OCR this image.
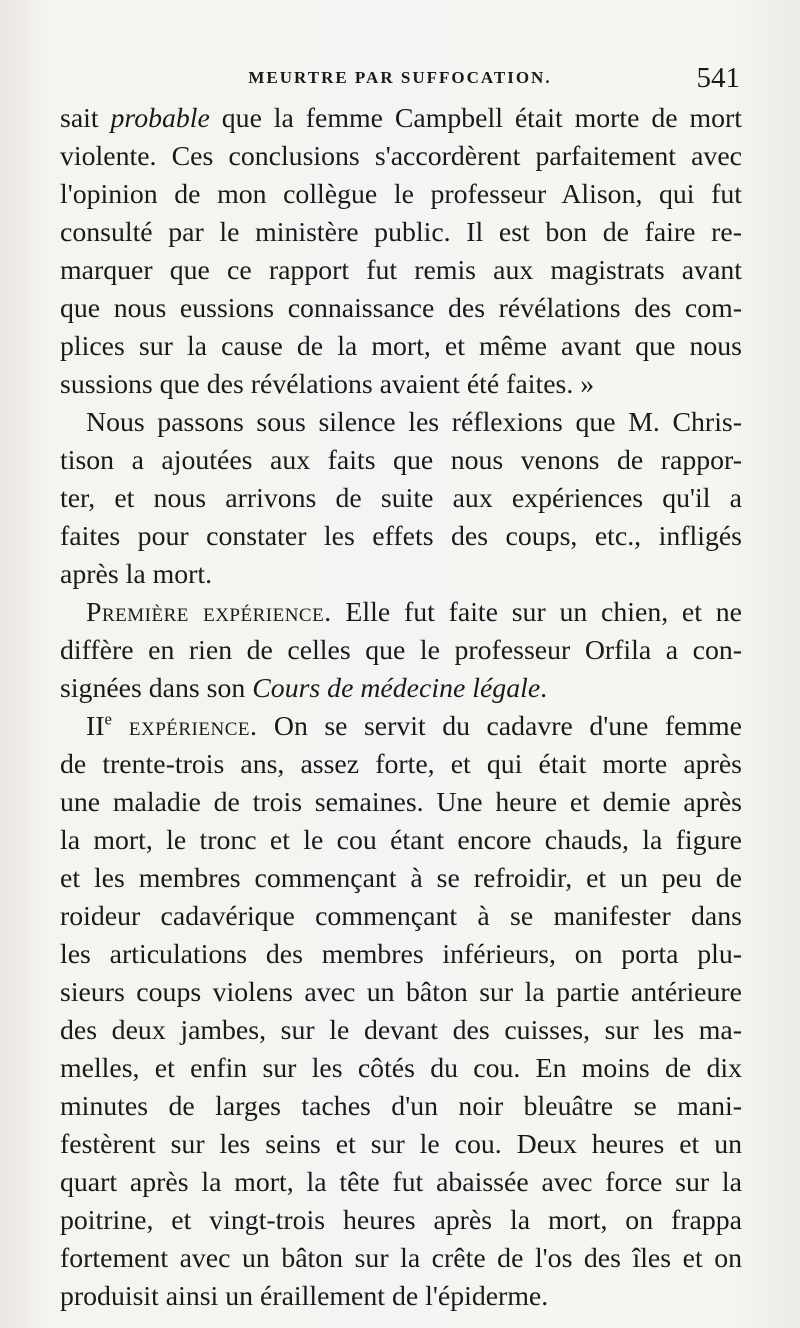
MEURTRE PAR SUFFOCATION.	541
sait probable que la femme Campbell était morte de mort
violente. Ces conclusions s'accordèrent parfaitement avec
l'opinion de mon collègue le professeur Alison, qui fut
consulté par le ministère public. Il est bon de faire re-
marquer que ce rapport fut remis aux magistrats avant
que nous eussions connaissance des révélations des com-
plices sur la cause de la mort, et même avant que nous
sussions que des révélations avaient été faites. »
Nous passons sous silence les réflexions que M. Chris-
tison a ajoutées aux faits que nous venons de rappor-
ter, et nous arrivons de suite aux expériences qu'il a
faites pour constater les effets des coups, etc., infligés
après la mort.
Première expérience. Elle fut faite sur un chien, et ne
diffère en rien de celles que le professeur Orfila a con-
signées dans son Cours de médecine légale.
IIe expérience. On se servit du cadavre d'une femme
de trente-trois ans, assez forte, et qui était morte après
une maladie de trois semaines. Une heure et demie après
la mort, le tronc et le cou étant encore chauds, la figure
et les membres commençant à se refroidir, et un peu de
roideur cadavérique commençant à se manifester dans
les articulations des membres inférieurs, on porta plu-
sieurs coups violens avec un bâton sur la partie antérieure
des deux jambes, sur le devant des cuisses, sur les ma-
melles, et enfin sur les côtés du cou. En moins de dix
minutes de larges taches d'un noir bleuâtre se mani-
festèrent sur les seins et sur le cou. Deux heures et un
quart après la mort, la tête fut abaissée avec force sur la
poitrine, et vingt-trois heures après la mort, on frappa
fortement avec un bâton sur la crête de l'os des îles et on
produisit ainsi un éraillement de l'épiderme.
